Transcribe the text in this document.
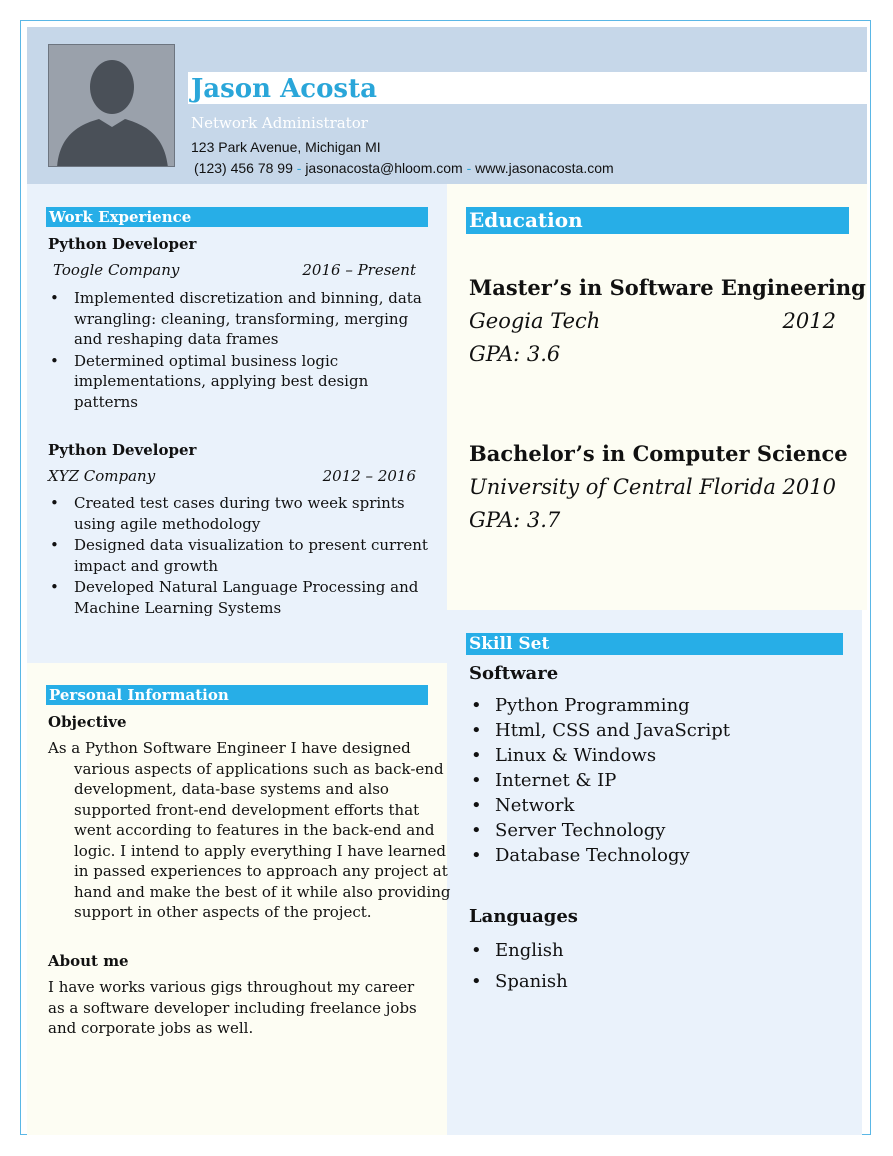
Jason Acosta
Network Administrator
123 Park Avenue, Michigan MI
(123) 456 78 99 - jasonacosta@hloom.com - www.jasonacosta.com
Work Experience
Python Developer
Toogle Company	2016 – Present
• Implemented discretization and binning, data wrangling: cleaning, transforming, merging and reshaping data frames
• Determined optimal business logic implementations, applying best design patterns
Python Developer
XYZ Company	2012 – 2016
• Created test cases during two week sprints using agile methodology
• Designed data visualization to present current impact and growth
• Developed Natural Language Processing and Machine Learning Systems
Education
Master’s in Software Engineering
Geogia Tech	2012
GPA: 3.6
Bachelor’s in Computer Science
University of Central Florida 2010
GPA: 3.7
Personal Information
Objective

As a Python Software Engineer I have designed various aspects of applications such as back-end development, data-base systems and also supported front-end development efforts that went according to features in the back-end and logic. I intend to apply everything I have learned in passed experiences to approach any project at hand and make the best of it while also providing support in other aspects of the project.

About me

I have works various gigs throughout my career as a software developer including freelance jobs and corporate jobs as well.

Skill Set
Software
• Python Programming
• Html, CSS and JavaScript
• Linux & Windows
• Internet & IP
• Network
• Server Technology
• Database Technology
Languages
• English
• Spanish
